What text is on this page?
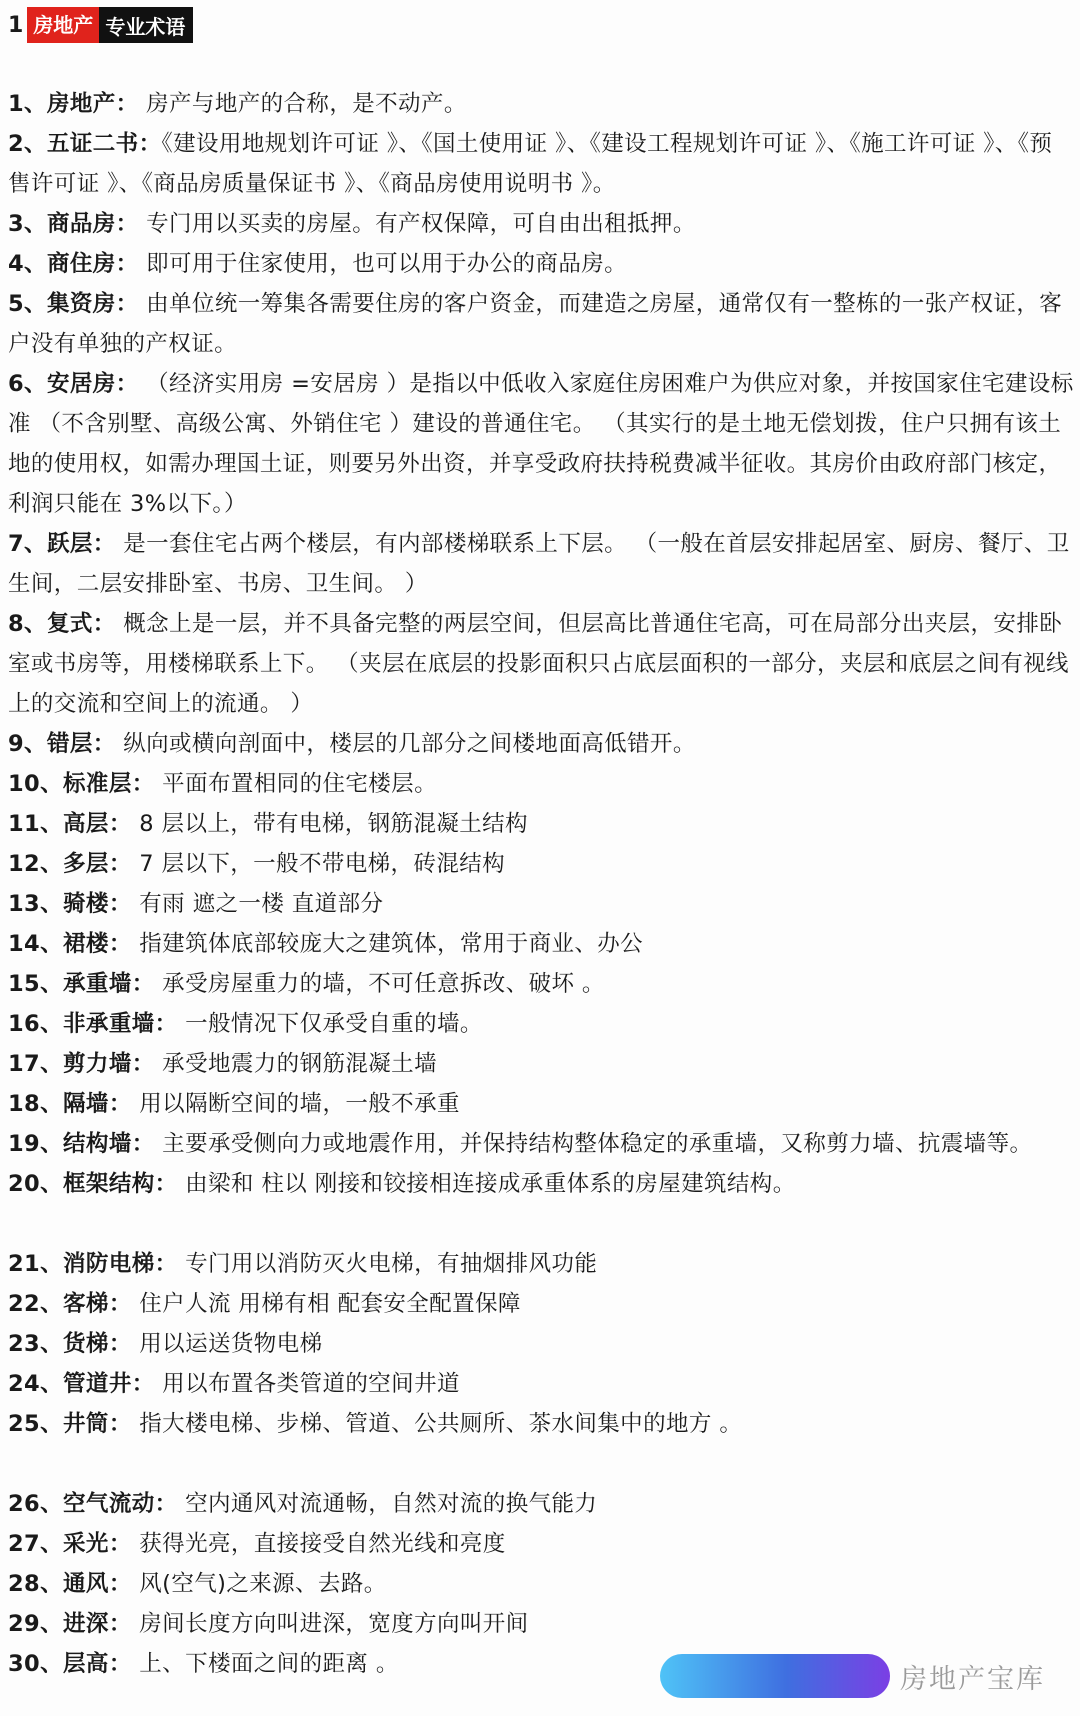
1 房地产 专业术语
1、房地产： 房产与地产的合称，是不动产。
2、五证二书：《建设用地规划许可证 》、《国土使用证 》、《建设工程规划许可证 》、《施工许可证 》、《预售许可证 》、《商品房质量保证书 》、《商品房使用说明书 》。
3、商品房： 专门用以买卖的房屋。有产权保障，可自由出租抵押。
4、商住房： 即可用于住家使用，也可以用于办公的商品房。
5、集资房： 由单位统一筹集各需要住房的客户资金，而建造之房屋，通常仅有一整栋的一张产权证，客户没有单独的产权证。
6、安居房： （经济实用房 =安居房 ）是指以中低收入家庭住房困难户为供应对象，并按国家住宅建设标准 （不含别墅、高级公寓、外销住宅 ）建设的普通住宅。 （其实行的是土地无偿划拨，住户只拥有该土地的使用权，如需办理国土证，则要另外出资，并享受政府扶持税费减半征收。其房价由政府部门核定，利润只能在 3%以下。）
7、跃层： 是一套住宅占两个楼层，有内部楼梯联系上下层。 （一般在首层安排起居室、厨房、餐厅、卫生间，二层安排卧室、书房、卫生间。 ）
8、复式： 概念上是一层，并不具备完整的两层空间，但层高比普通住宅高，可在局部分出夹层，安排卧室或书房等，用楼梯联系上下。 （夹层在底层的投影面积只占底层面积的一部分，夹层和底层之间有视线上的交流和空间上的流通。 ）
9、错层： 纵向或横向剖面中，楼层的几部分之间楼地面高低错开。
10、标准层： 平面布置相同的住宅楼层。
11、高层： 8 层以上，带有电梯，钢筋混凝土结构
12、多层： 7 层以下，一般不带电梯，砖混结构
13、骑楼： 有雨 遮之一楼 直道部分
14、裙楼： 指建筑体底部较庞大之建筑体，常用于商业、办公
15、承重墙： 承受房屋重力的墙，不可任意拆改、破坏 。
16、非承重墙： 一般情况下仅承受自重的墙。
17、剪力墙： 承受地震力的钢筋混凝土墙
18、隔墙： 用以隔断空间的墙，一般不承重
19、结构墙： 主要承受侧向力或地震作用，并保持结构整体稳定的承重墙，又称剪力墙、抗震墙等。
20、框架结构： 由梁和 柱以 刚接和铰接相连接成承重体系的房屋建筑结构。
21、消防电梯： 专门用以消防灭火电梯，有抽烟排风功能
22、客梯： 住户人流 用梯有相 配套安全配置保障
23、货梯： 用以运送货物电梯
24、管道井： 用以布置各类管道的空间井道
25、井筒： 指大楼电梯、步梯、管道、公共厕所、茶水间集中的地方 。
26、空气流动： 空内通风对流通畅，自然对流的换气能力
27、采光： 获得光亮，直接接受自然光线和亮度
28、通风： 风(空气)之来源、去路。
29、进深： 房间长度方向叫进深，宽度方向叫开间
30、层高： 上、下楼面之间的距离 。	房地产宝库
